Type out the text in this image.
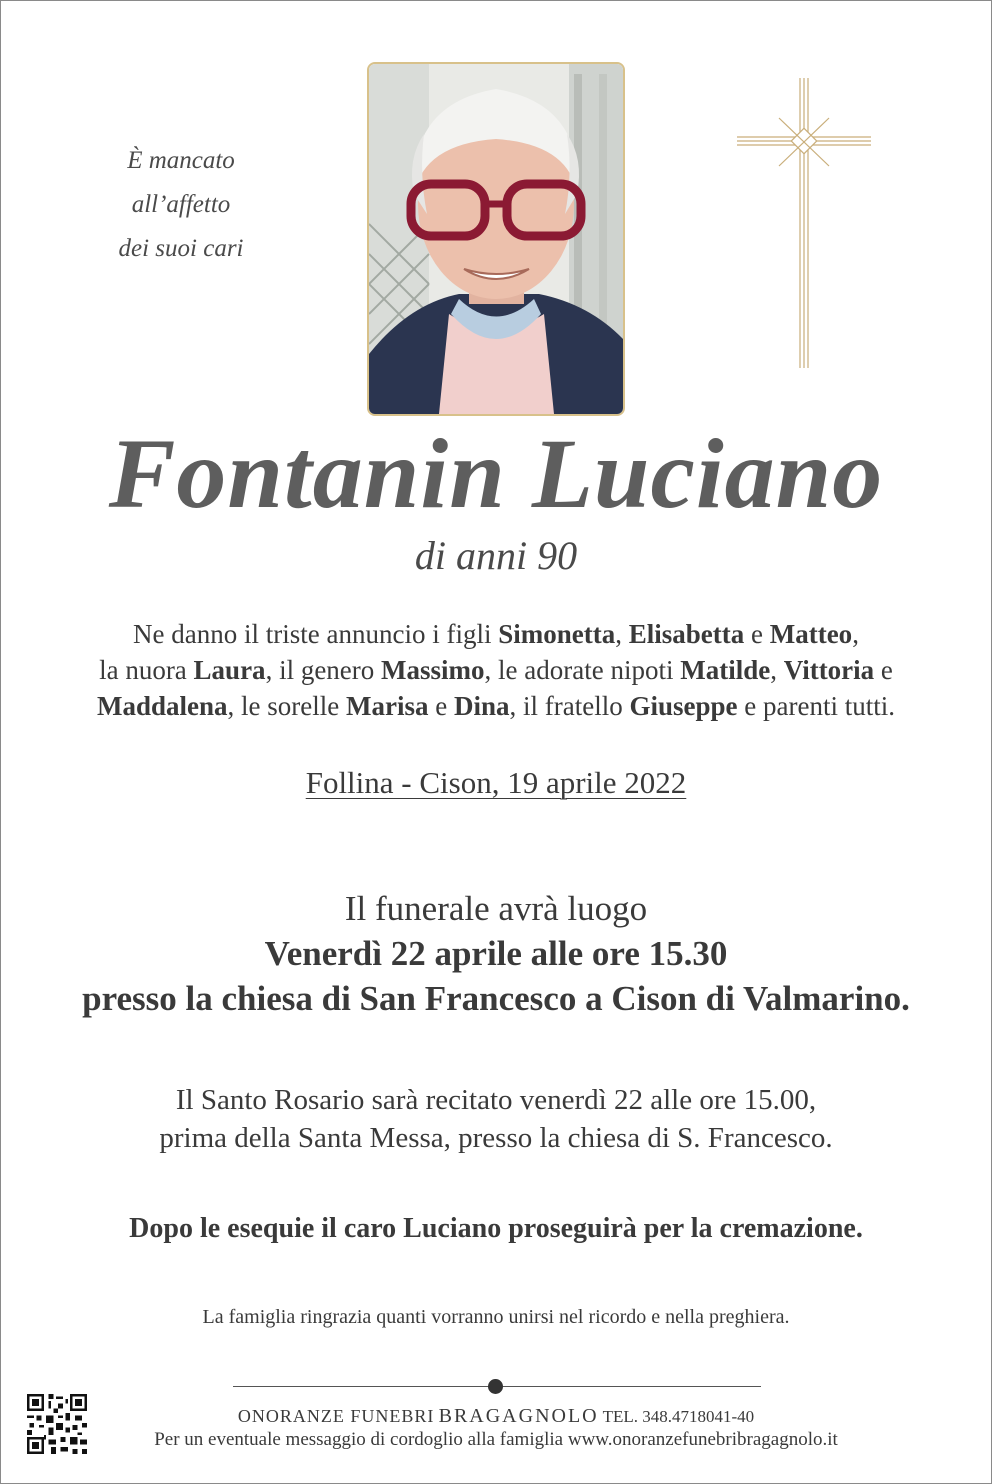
È mancato
all’affetto
dei suoi cari
Fontanin Luciano
di anni 90
Ne danno il triste annuncio i figli Simonetta, Elisabetta e Matteo,
la nuora Laura, il genero Massimo, le adorate nipoti Matilde, Vittoria e
Maddalena, le sorelle Marisa e Dina, il fratello Giuseppe e parenti tutti.
Follina - Cison, 19 aprile 2022
Il funerale avrà luogo
Venerdì 22 aprile alle ore 15.30
presso la chiesa di San Francesco a Cison di Valmarino.
Il Santo Rosario sarà recitato venerdì 22 alle ore 15.00,
prima della Santa Messa, presso la chiesa di S. Francesco.
Dopo le esequie il caro Luciano proseguirà per la cremazione.
La famiglia ringrazia quanti vorranno unirsi nel ricordo e nella preghiera.
ONORANZE FUNEBRI BRAGAGNOLO TEL. 348.4718041-40
Per un eventuale messaggio di cordoglio alla famiglia www.onoranzefunebribragagnolo.it
